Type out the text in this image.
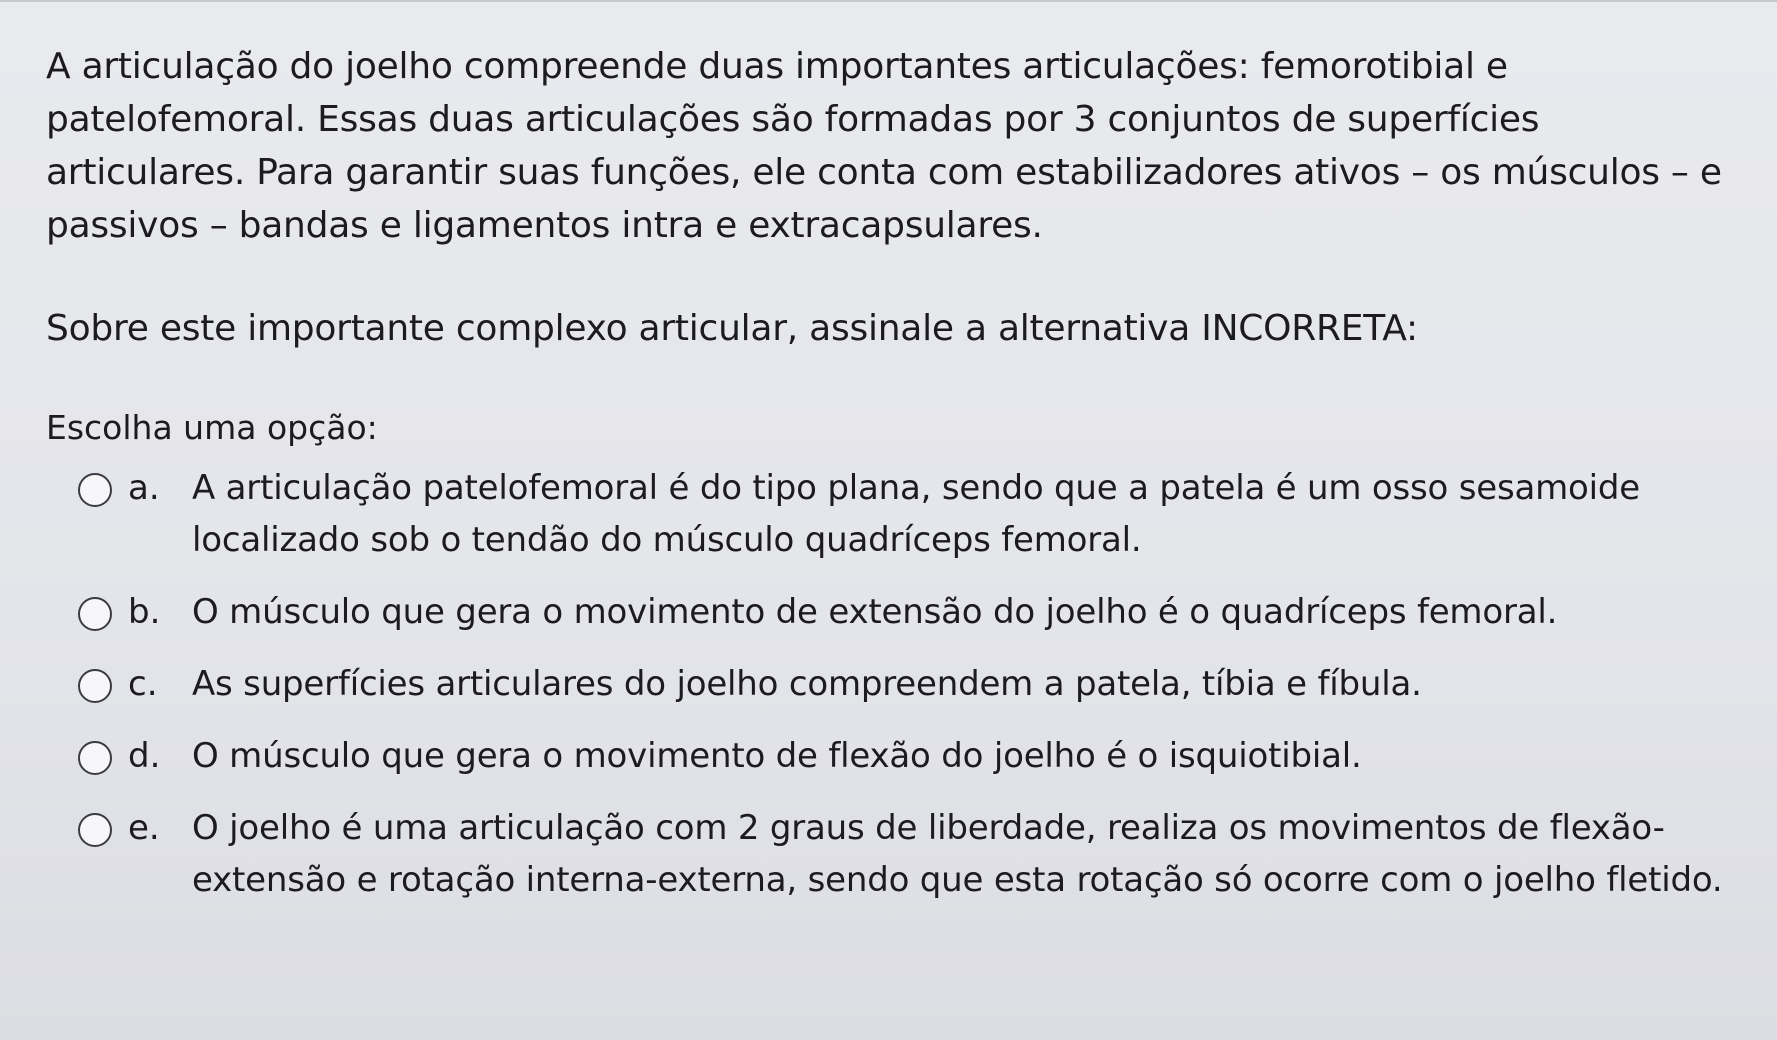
A articulação do joelho compreende duas importantes articulações: femorotibial e patelofemoral. Essas duas articulações são formadas por 3 conjuntos de superfícies articulares. Para garantir suas funções, ele conta com estabilizadores ativos – os músculos – e passivos – bandas e ligamentos intra e extracapsulares.

Sobre este importante complexo articular, assinale a alternativa INCORRETA:

Escolha uma opção:

a. A articulação patelofemoral é do tipo plana, sendo que a patela é um osso sesamoide localizado sob o tendão do músculo quadríceps femoral.
b. O músculo que gera o movimento de extensão do joelho é o quadríceps femoral.
c.	As superfícies articulares do joelho compreendem a patela, tíbia e fíbula.
d. O músculo que gera o movimento de flexão do joelho é o isquiotibial.
e. O joelho é uma articulação com 2 graus de liberdade, realiza os movimentos de flexão-extensão e rotação interna-externa, sendo que esta rotação só ocorre com o joelho fletido.
